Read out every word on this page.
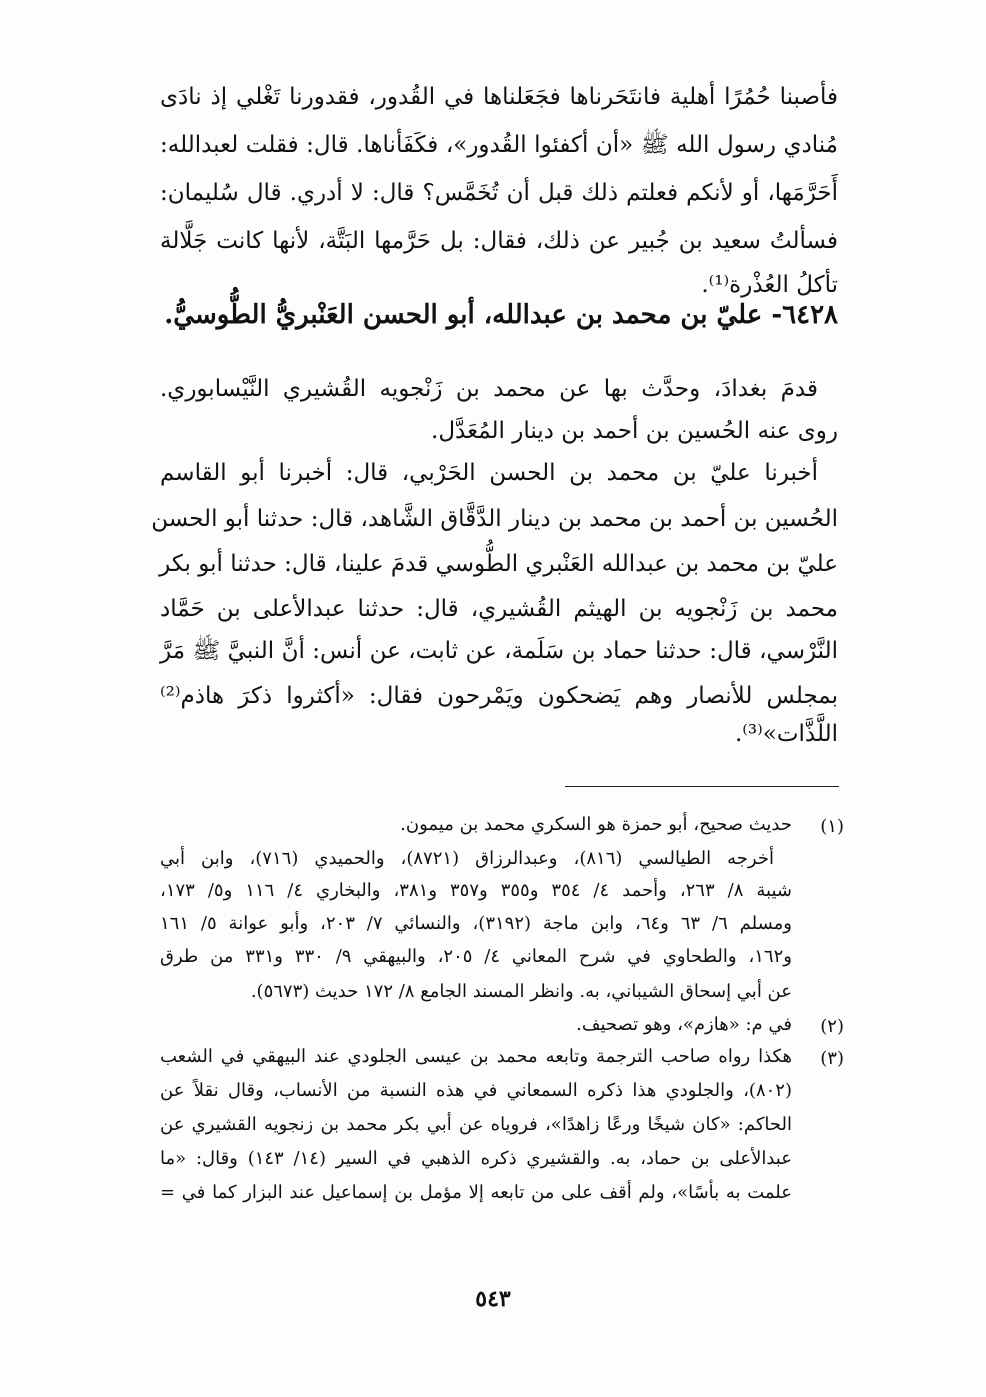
فأصبنا حُمُرًا أهلية فانتَحَرناها فجَعَلناها في القُدور، فقدورنا تَغْلي إذ نادَى
مُنادي رسول الله ﷺ «أن أكفئوا القُدور»، فكَفَأناها. قال: فقلت لعبدالله:
أَحَرَّمَها، أو لأنكم فعلتم ذلك قبل أن تُخَمَّس؟ قال: لا أدري. قال سُليمان:
فسألتُ سعيد بن جُبير عن ذلك، فقال: بل حَرَّمها البَتَّة، لأنها كانت جَلَّالة
تأكلُ العُذْرة⁽¹⁾.
٦٤٢٨- عليّ بن محمد بن عبدالله، أبو الحسن العَنْبريُّ الطُّوسيُّ.
قدمَ بغدادَ، وحدَّث بها عن محمد بن زَنْجويه القُشيري النَّيْسابوري.
روى عنه الحُسين بن أحمد بن دينار المُعَدَّل.
أخبرنا عليّ بن محمد بن الحسن الحَرْبي، قال: أخبرنا أبو القاسم
الحُسين بن أحمد بن محمد بن دينار الدَّقَّاق الشَّاهد، قال: حدثنا أبو الحسن
عليّ بن محمد بن عبدالله العَنْبري الطُّوسي قدمَ علينا، قال: حدثنا أبو بكر
محمد بن زَنْجويه بن الهيثم القُشيري، قال: حدثنا عبدالأعلى بن حَمَّاد
النَّرْسي، قال: حدثنا حماد بن سَلَمة، عن ثابت، عن أنس: أنَّ النبيَّ ﷺ مَرَّ
بمجلس للأنصار وهم يَضحكون ويَمْرحون فقال: «أكثروا ذكرَ هاذم⁽²⁾
اللَّذَّات»⁽³⁾.
(١)
حديث صحيح، أبو حمزة هو السكري محمد بن ميمون.
أخرجه الطيالسي (٨١٦)، وعبدالرزاق (٨٧٢١)، والحميدي (٧١٦)، وابن أبي
شيبة ٨/ ٢٦٣، وأحمد ٤/ ٣٥٤ و٣٥٥ و٣٥٧ و٣٨١، والبخاري ٤/ ١١٦ و٥/ ١٧٣،
ومسلم ٦/ ٦٣ و٦٤، وابن ماجة (٣١٩٢)، والنسائي ٧/ ٢٠٣، وأبو عوانة ٥/ ١٦١
و١٦٢، والطحاوي في شرح المعاني ٤/ ٢٠٥، والبيهقي ٩/ ٣٣٠ و٣٣١ من طرق
عن أبي إسحاق الشيباني، به. وانظر المسند الجامع ٨/ ١٧٢ حديث (٥٦٧٣).
(٢)
في م: «هازم»، وهو تصحيف.
(٣)
هكذا رواه صاحب الترجمة وتابعه محمد بن عيسى الجلودي عند البيهقي في الشعب
(٨٠٢)، والجلودي هذا ذكره السمعاني في هذه النسبة من الأنساب، وقال نقلاً عن
الحاكم: «كان شيخًا ورعًا زاهدًا»، فروياه عن أبي بكر محمد بن زنجويه القشيري عن
عبدالأعلى بن حماد، به. والقشيري ذكره الذهبي في السير (١٤/ ١٤٣) وقال: «ما
علمت به بأسًا»، ولم أقف على من تابعه إلا مؤمل بن إسماعيل عند البزار كما في =
٥٤٣
